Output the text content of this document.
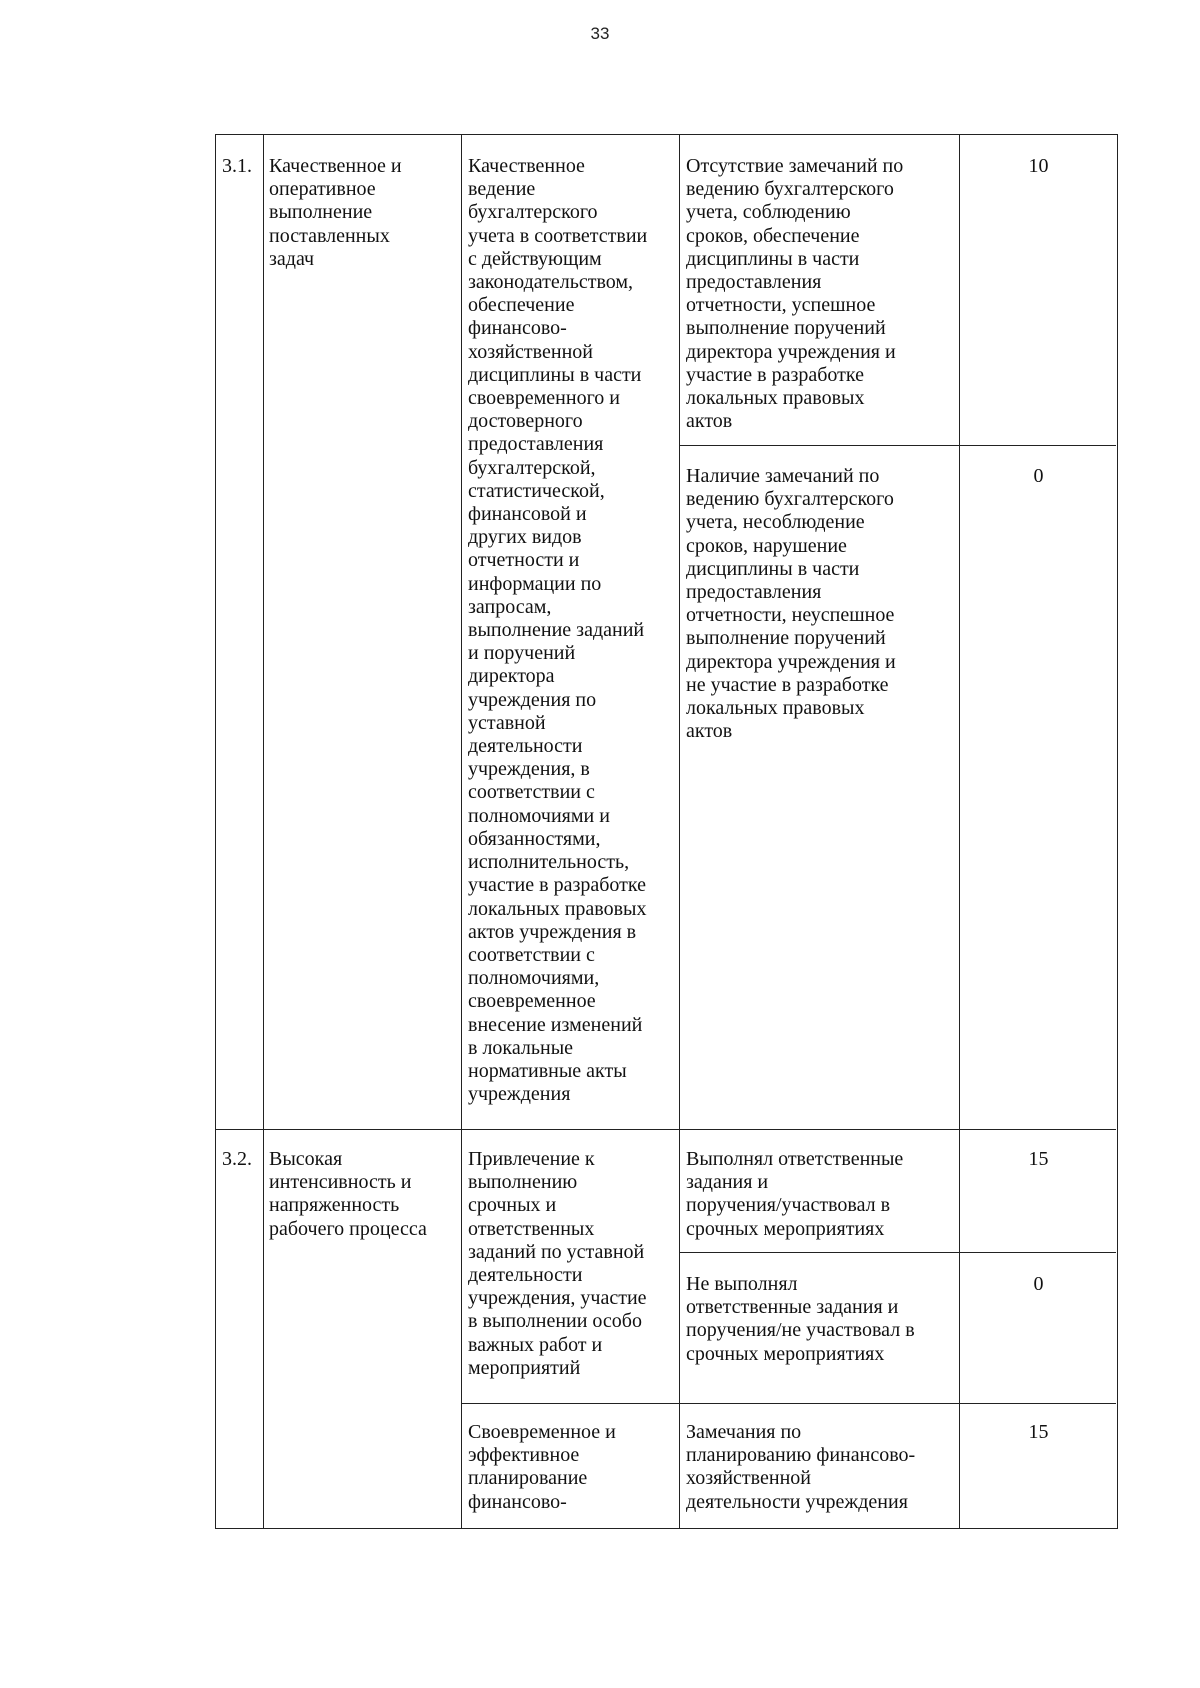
33
3.1. Качественное и
оперативное
выполнение
поставленных
задач
Качественное
ведение
бухгалтерского
учета в соответствии
с действующим
законодательством,
обеспечение
финансово-
хозяйственной
дисциплины в части
своевременного и
достоверного
предоставления
бухгалтерской,
статистической,
финансовой и
других видов
отчетности и
информации по
запросам,
выполнение заданий
и поручений
директора
учреждения по
уставной
деятельности
учреждения, в
соответствии с
полномочиями и
обязанностями,
исполнительность,
участие в разработке
локальных правовых
актов учреждения в
соответствии с
полномочиями,
своевременное
внесение изменений
в локальные
нормативные акты
учреждения
Отсутствие замечаний по
ведению бухгалтерского
учета, соблюдению
сроков, обеспечение
дисциплины в части
предоставления
отчетности, успешное
выполнение поручений
директора учреждения и
участие в разработке
локальных правовых
актов
10
Наличие замечаний по
ведению бухгалтерского
учета, несоблюдение
сроков, нарушение
дисциплины в части
предоставления
отчетности, неуспешное
выполнение поручений
директора учреждения и
не участие в разработке
локальных правовых
актов
0
3.2. Высокая
интенсивность и
напряженность
рабочего процесса
Привлечение к
выполнению
срочных и
ответственных
заданий по уставной
деятельности
учреждения, участие
в выполнении особо
важных работ и
мероприятий
Выполнял ответственные
задания и
поручения/участвовал в
срочных мероприятиях
15
Не выполнял
ответственные задания и
поручения/не участвовал в
срочных мероприятиях
0
Своевременное и
эффективное
планирование
финансово-
Замечания по
планированию финансово-
хозяйственной
деятельности учреждения
15
